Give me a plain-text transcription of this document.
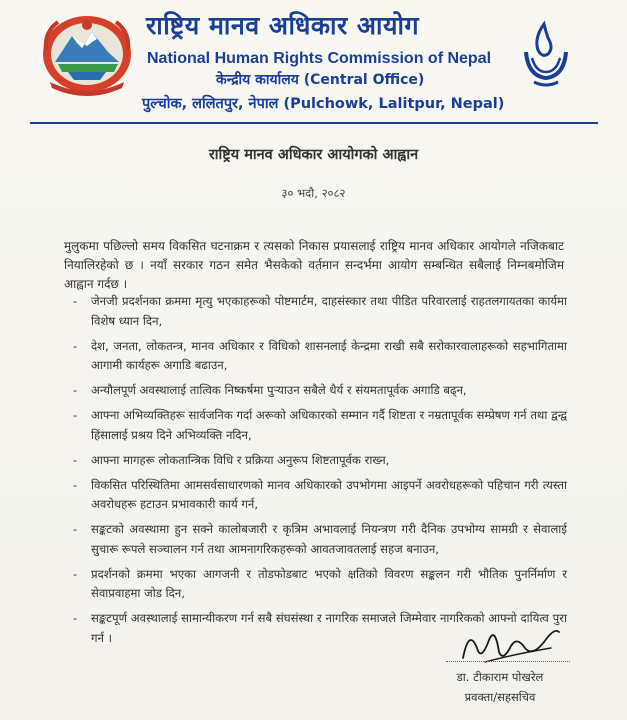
राष्ट्रिय मानव अधिकार आयोग
National Human Rights Commission of Nepal
केन्द्रीय कार्यालय (Central Office)
पुल्चोक, ललितपुर, नेपाल (Pulchowk, Lalitpur, Nepal)
राष्ट्रिय मानव अधिकार आयोगको आह्वान
३० भदौ, २०८२
मुलुकमा पछिल्लो समय विकसित घटनाक्रम र त्यसको निकास प्रयासलाई राष्ट्रिय मानव अधिकार आयोगले नजिकबाट नियालिरहेको छ । नयाँ सरकार गठन समेत भैसकेको वर्तमान सन्दर्भमा आयोग सम्बन्धित सबैलाई निम्नबमोजिम आह्वान गर्दछ ।
- जेनजी प्रदर्शनका क्रममा मृत्यु भएकाहरूको पोष्टमार्टम, दाहसंस्कार तथा पीडित परिवारलाई राहतलगायतका कार्यमा विशेष ध्यान दिन,
- देश, जनता, लोकतन्त्र, मानव अधिकार र विधिको शासनलाई केन्द्रमा राखी सबै सरोकारवालाहरूको सहभागितामा आगामी कार्यहरू अगाडि बढाउन,
- अन्यौलपूर्ण अवस्थालाई तात्विक निष्कर्षमा पुऱ्याउन सबैले धैर्य र संयमतापूर्वक अगाडि बढ्न,
- आफ्ना अभिव्यक्तिहरू सार्वजनिक गर्दा अरूको अधिकारको सम्मान गर्दै शिष्टता र नम्रतापूर्वक सम्प्रेषण गर्न तथा द्वन्द्व हिंसालाई प्रश्रय दिने अभिव्यक्ति नदिन,
- आफ्ना मागहरू लोकतान्त्रिक विधि र प्रक्रिया अनुरूप शिष्टतापूर्वक राख्न,
- विकसित परिस्थितिमा आमसर्वसाधारणको मानव अधिकारको उपभोगमा आइपर्ने अवरोधहरूको पहिचान गरी त्यस्ता अवरोधहरू हटाउन प्रभावकारी कार्य गर्न,
- सङ्कटको अवस्थामा हुन सक्ने कालोबजारी र कृत्रिम अभावलाई नियन्त्रण गरी दैनिक उपभोग्य सामग्री र सेवालाई सुचारू रूपले सञ्चालन गर्न तथा आमनागरिकहरूको आवतजावतलाई सहज बनाउन,
- प्रदर्शनको क्रममा भएका आगजनी र तोडफोडबाट भएको क्षतिको विवरण सङ्कलन गरी भौतिक पुनर्निर्माण र सेवाप्रवाहमा जोड दिन,
- सङ्कटपूर्ण अवस्थालाई सामान्यीकरण गर्न सबै संघसंस्था र नागरिक समाजले जिम्मेवार नागरिकको आफ्नो दायित्व पुरा गर्न ।
डा. टीकाराम पोखरेल
प्रवक्ता/सहसचिव
